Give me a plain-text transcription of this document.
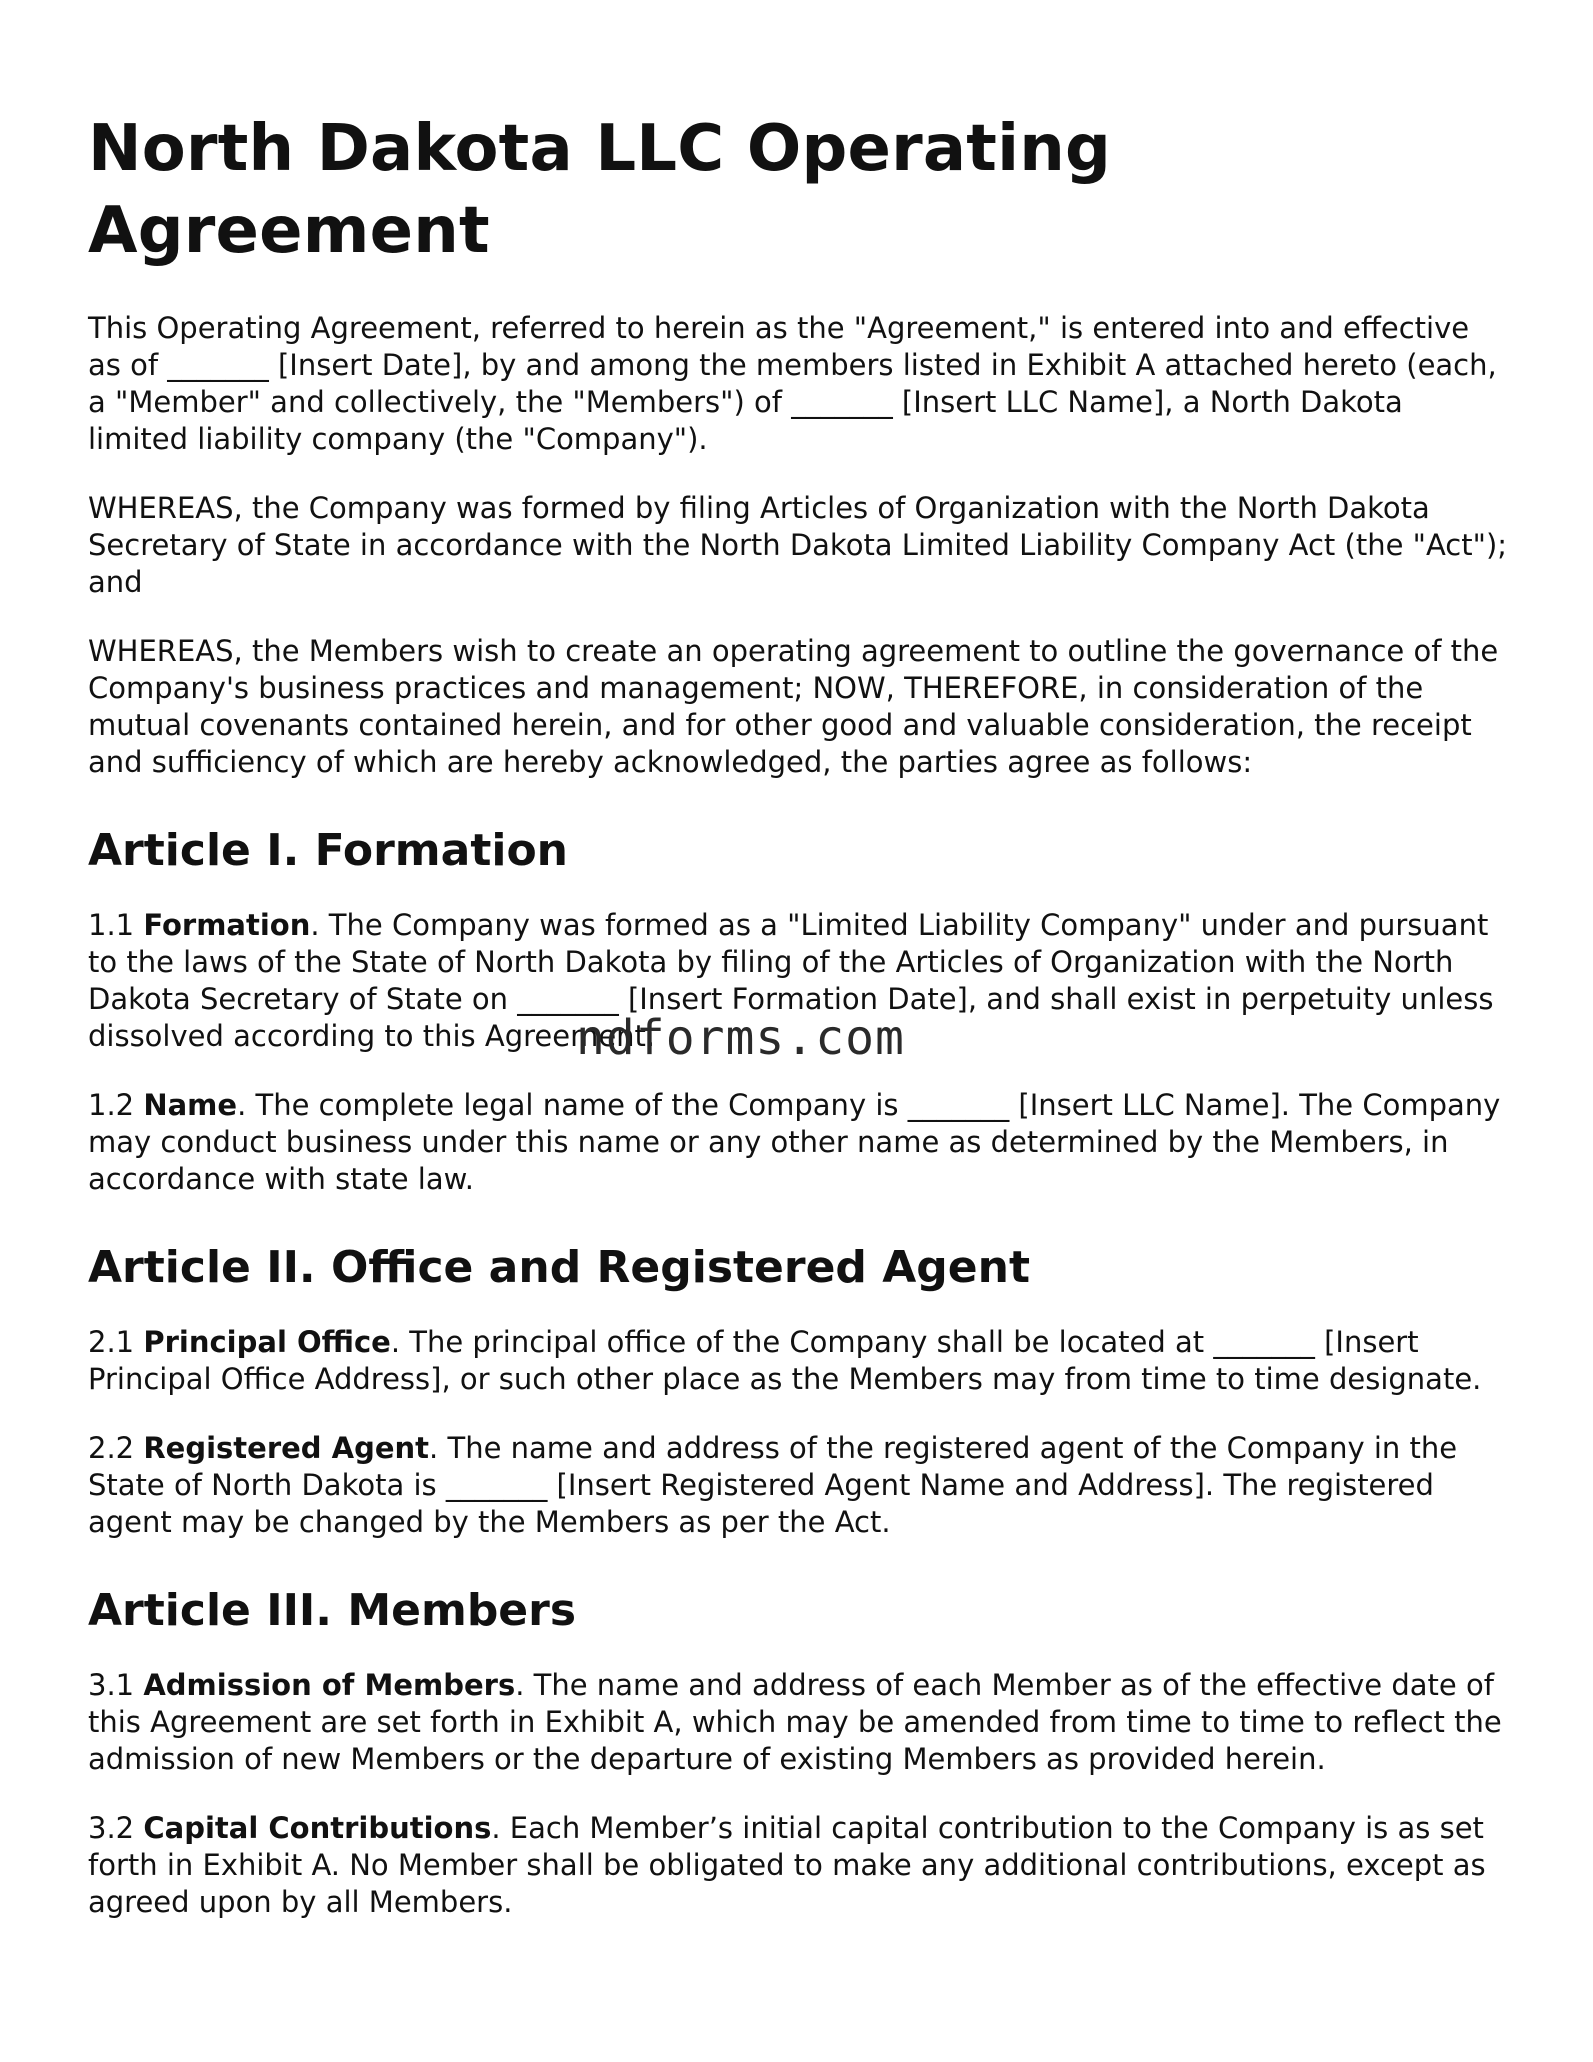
North Dakota LLC Operating Agreement

This Operating Agreement, referred to herein as the "Agreement," is entered into and effective as of _______ [Insert Date], by and among the members listed in Exhibit A attached hereto (each, a "Member" and collectively, the "Members") of _______ [Insert LLC Name], a North Dakota limited liability company (the "Company").

WHEREAS, the Company was formed by filing Articles of Organization with the North Dakota Secretary of State in accordance with the North Dakota Limited Liability Company Act (the "Act"); and

WHEREAS, the Members wish to create an operating agreement to outline the governance of the Company's business practices and management; NOW, THEREFORE, in consideration of the mutual covenants contained herein, and for other good and valuable consideration, the receipt and sufficiency of which are hereby acknowledged, the parties agree as follows:

Article I. Formation

1.1 Formation. The Company was formed as a "Limited Liability Company" under and pursuant to the laws of the State of North Dakota by filing of the Articles of Organization with the North Dakota Secretary of State on _______ [Insert Formation Date], and shall exist in perpetuity unless dissolved according to this Agreement.

1.2 Name. The complete legal name of the Company is _______ [Insert LLC Name]. The Company may conduct business under this name or any other name as determined by the Members, in accordance with state law.

Article II. Office and Registered Agent

2.1 Principal Office. The principal office of the Company shall be located at _______ [Insert Principal Office Address], or such other place as the Members may from time to time designate.

2.2 Registered Agent. The name and address of the registered agent of the Company in the State of North Dakota is _______ [Insert Registered Agent Name and Address]. The registered agent may be changed by the Members as per the Act.

Article III. Members

3.1 Admission of Members. The name and address of each Member as of the effective date of this Agreement are set forth in Exhibit A, which may be amended from time to time to reflect the admission of new Members or the departure of existing Members as provided herein.

3.2 Capital Contributions. Each Member’s initial capital contribution to the Company is as set forth in Exhibit A. No Member shall be obligated to make any additional contributions, except as agreed upon by all Members.

ndforms.com
